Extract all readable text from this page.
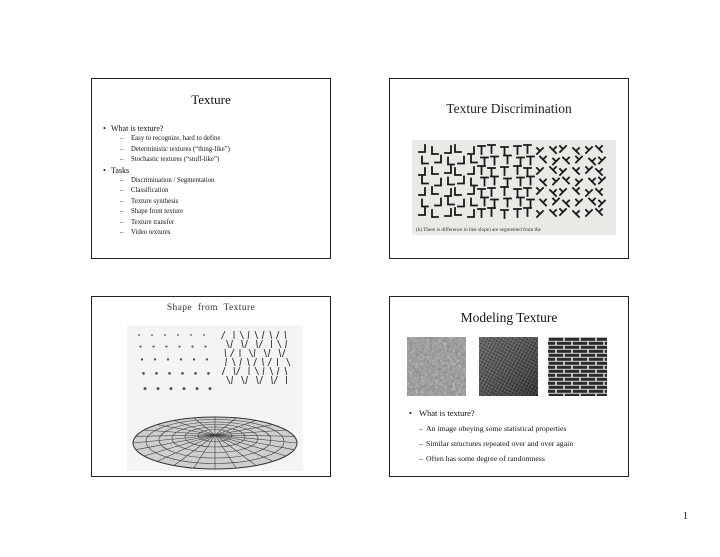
Texture
• What is texture?
– Easy to recognize, hard to define
– Deterministic textures (“thing-like”)
– Stochastic textures (“stuff-like”)
• Tasks
– Discrimination / Segmentation
– Classification
– Texture synthesis
– Shape from texture
– Texture transfer
– Video textures
Texture Discrimination
(b) There is difference in line slope) are segmented from the
Shape from Texture
Modeling Texture
• What is texture?
– An image obeying some statistical properties
– Similar structures repeated over and over again
– Often has some degree of randomness
1
